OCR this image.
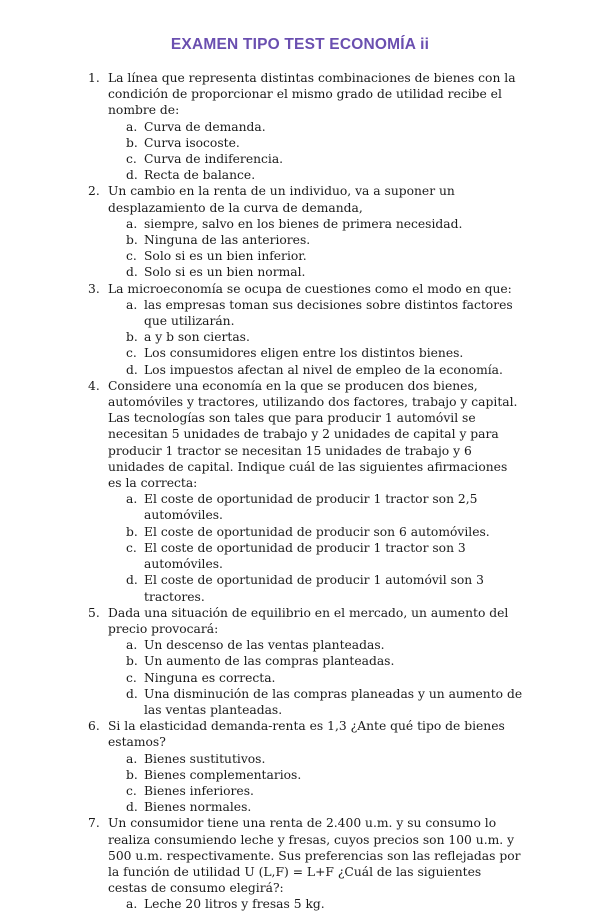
EXAMEN TIPO TEST ECONOMÍA ii
1. La línea que representa distintas combinaciones de bienes con la condición de proporcionar el mismo grado de utilidad recibe el nombre de:
a. Curva de demanda.
b. Curva isocoste.
c. Curva de indiferencia.
d. Recta de balance.
2. Un cambio en la renta de un individuo, va a suponer un desplazamiento de la curva de demanda,
a. siempre, salvo en los bienes de primera necesidad.
b. Ninguna de las anteriores.
c. Solo si es un bien inferior.
d. Solo si es un bien normal.
3. La microeconomía se ocupa de cuestiones como el modo en que:
a. las empresas toman sus decisiones sobre distintos factores que utilizarán.
b. a y b son ciertas.
c. Los consumidores eligen entre los distintos bienes.
d. Los impuestos afectan al nivel de empleo de la economía.
4. Considere una economía en la que se producen dos bienes, automóviles y tractores, utilizando dos factores, trabajo y capital. Las tecnologías son tales que para producir 1 automóvil se necesitan 5 unidades de trabajo y 2 unidades de capital y para producir 1 tractor se necesitan 15 unidades de trabajo y 6 unidades de capital. Indique cuál de las siguientes afirmaciones es la correcta:
a. El coste de oportunidad de producir 1 tractor son 2,5 automóviles.
b. El coste de oportunidad de producir son 6 automóviles.
c. El coste de oportunidad de producir 1 tractor son 3 automóviles.
d. El coste de oportunidad de producir 1 automóvil son 3 tractores.
5. Dada una situación de equilibrio en el mercado, un aumento del precio provocará:
a. Un descenso de las ventas planteadas.
b. Un aumento de las compras planteadas.
c. Ninguna es correcta.
d. Una disminución de las compras planeadas y un aumento de las ventas planteadas.
6. Si la elasticidad demanda-renta es 1,3 ¿Ante qué tipo de bienes estamos?
a. Bienes sustitutivos.
b. Bienes complementarios.
c. Bienes inferiores.
d. Bienes normales.
7. Un consumidor tiene una renta de 2.400 u.m. y su consumo lo realiza consumiendo leche y fresas, cuyos precios son 100 u.m. y 500 u.m. respectivamente. Sus preferencias son las reflejadas por la función de utilidad U (L,F) = L+F ¿Cuál de las siguientes cestas de consumo elegirá?:
a. Leche 20 litros y fresas 5 kg.
